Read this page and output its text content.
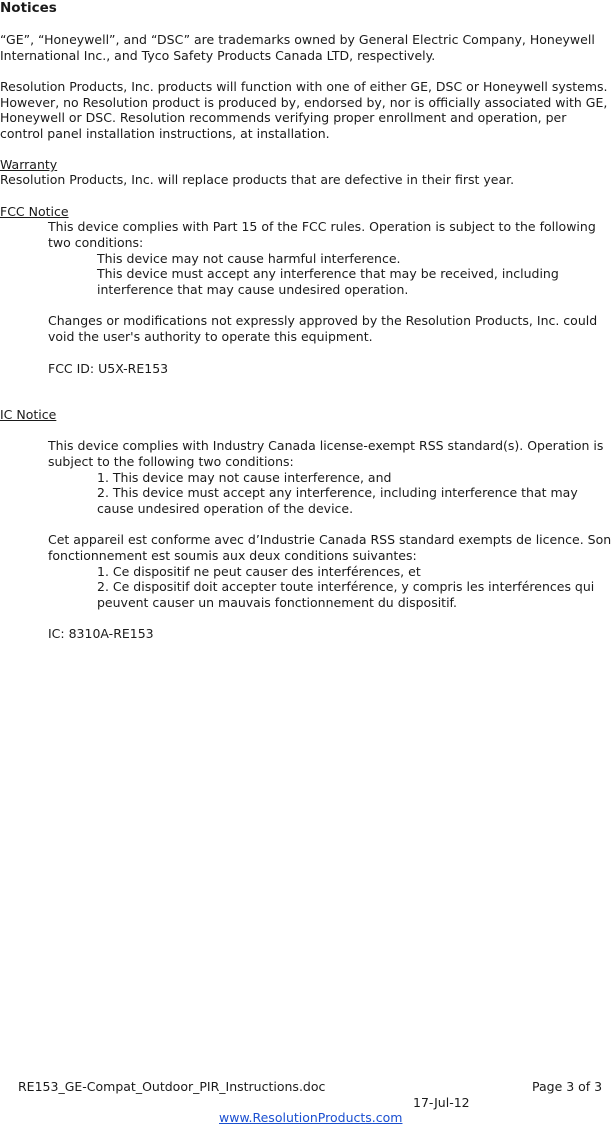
Notices
“GE”, “Honeywell”, and “DSC” are trademarks owned by General Electric Company, Honeywell International Inc., and Tyco Safety Products Canada LTD, respectively.
Resolution Products, Inc. products will function with one of either GE, DSC or Honeywell systems. However, no Resolution product is produced by, endorsed by, nor is officially associated with GE, Honeywell or DSC. Resolution recommends verifying proper enrollment and operation, per control panel installation instructions, at installation.
Warranty
Resolution Products, Inc. will replace products that are defective in their first year.
FCC Notice
This device complies with Part 15 of the FCC rules. Operation is subject to the following two conditions:
This device may not cause harmful interference.
This device must accept any interference that may be received, including interference that may cause undesired operation.
Changes or modifications not expressly approved by the Resolution Products, Inc. could void the user's authority to operate this equipment.
FCC ID: U5X-RE153
IC Notice
This device complies with Industry Canada license-exempt RSS standard(s). Operation is subject to the following two conditions:
1. This device may not cause interference, and
2. This device must accept any interference, including interference that may cause undesired operation of the device.
Cet appareil est conforme avec d’Industrie Canada RSS standard exempts de licence. Son fonctionnement est soumis aux deux conditions suivantes:
1. Ce dispositif ne peut causer des interférences, et
2. Ce dispositif doit accepter toute interférence, y compris les interférences qui peuvent causer un mauvais fonctionnement du dispositif.
IC: 8310A-RE153
RE153_GE-Compat_Outdoor_PIR_Instructions.doc	Page 3 of 3
17-Jul-12
www.ResolutionProducts.com
